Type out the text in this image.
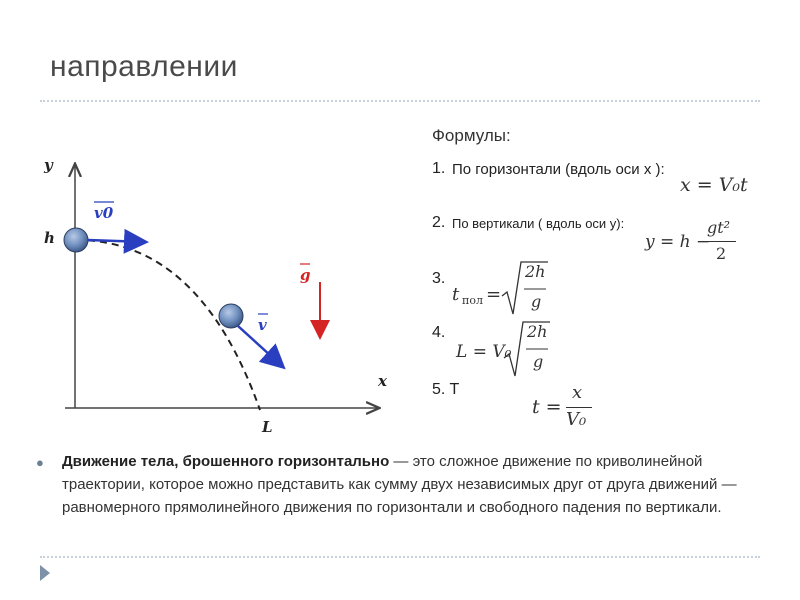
направлении
y
x
h
L
v0
v
g
Формулы:
1. По горизонтали (вдоль оси x ):
x = V₀t
2. По вертикали ( вдоль оси y):
y = h −
gt²
2
3.
t пол =
2h
g
4.
L = V₀
2h
g
5. T
t =
x
V₀
● Движение тела, брошенного горизонтально — это сложное движение по криволинейной траектории, которое можно представить как сумму двух независимых друг от друга движений — равномерного прямолинейного движения по горизонтали и свободного падения по вертикали.
